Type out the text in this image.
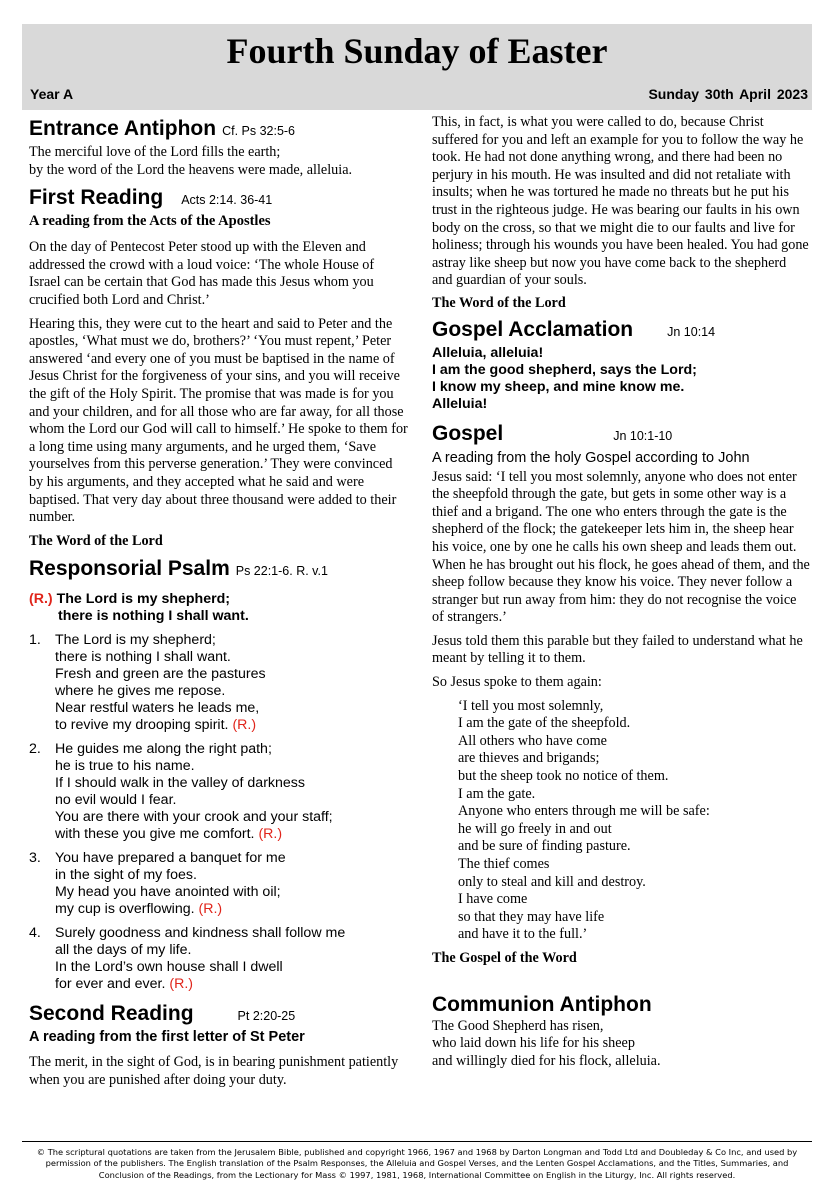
Fourth Sunday of Easter
Year A	Sunday 30th April 2023
Entrance Antiphon Cf. Ps 32:5-6
The merciful love of the Lord fills the earth;
by the word of the Lord the heavens were made, alleluia.
First Reading Acts 2:14. 36-41
A reading from the Acts of the Apostles

On the day of Pentecost Peter stood up with the Eleven and addressed the crowd with a loud voice: ‘The whole House of Israel can be certain that God has made this Jesus whom you crucified both Lord and Christ.’

Hearing this, they were cut to the heart and said to Peter and the apostles, ‘What must we do, brothers?’ ‘You must repent,’ Peter answered ‘and every one of you must be baptised in the name of Jesus Christ for the forgiveness of your sins, and you will receive the gift of the Holy Spirit. The promise that was made is for you and your children, and for all those who are far away, for all those whom the Lord our God will call to himself.’ He spoke to them for a long time using many arguments, and he urged them, ‘Save yourselves from this perverse generation.’ They were convinced by his arguments, and they accepted what he said and were baptised. That very day about three thousand were added to their number.

The Word of the Lord

Responsorial Psalm Ps 22:1-6. R. v.1
(R.) The Lord is my shepherd;
there is nothing I shall want.
1. The Lord is my shepherd;
there is nothing I shall want.
Fresh and green are the pastures
where he gives me repose.
Near restful waters he leads me,
to revive my drooping spirit. (R.)
2. He guides me along the right path;
he is true to his name.
If I should walk in the valley of darkness
no evil would I fear.
You are there with your crook and your staff;
with these you give me comfort. (R.)
3. You have prepared a banquet for me
in the sight of my foes.
My head you have anointed with oil;
my cup is overflowing. (R.)
4. Surely goodness and kindness shall follow me
all the days of my life.
In the Lord’s own house shall I dwell
for ever and ever. (R.)
Second Reading	Pt 2:20-25
A reading from the first letter of St Peter

The merit, in the sight of God, is in bearing punishment patiently when you are punished after doing your duty.

This, in fact, is what you were called to do, because Christ suffered for you and left an example for you to follow the way he took. He had not done anything wrong, and there had been no perjury in his mouth. He was insulted and did not retaliate with insults; when he was tortured he made no threats but he put his trust in the righteous judge. He was bearing our faults in his own body on the cross, so that we might die to our faults and live for holiness; through his wounds you have been healed. You had gone astray like sheep but now you have come back to the shepherd and guardian of your souls.

The Word of the Lord

Gospel Acclamation	Jn 10:14
Alleluia, alleluia!
I am the good shepherd, says the Lord;
I know my sheep, and mine know me.
Alleluia!
Gospel	Jn 10:1-10
A reading from the holy Gospel according to John

Jesus said: ‘I tell you most solemnly, anyone who does not enter the sheepfold through the gate, but gets in some other way is a thief and a brigand. The one who enters through the gate is the shepherd of the flock; the gatekeeper lets him in, the sheep hear his voice, one by one he calls his own sheep and leads them out. When he has brought out his flock, he goes ahead of them, and the sheep follow because they know his voice. They never follow a stranger but run away from him: they do not recognise the voice of strangers.’

Jesus told them this parable but they failed to understand what he meant by telling it to them.

So Jesus spoke to them again:

‘I tell you most solemnly,
I am the gate of the sheepfold.
All others who have come
are thieves and brigands;
but the sheep took no notice of them.
I am the gate.
Anyone who enters through me will be safe:
he will go freely in and out
and be sure of finding pasture.
The thief comes
only to steal and kill and destroy.
I have come
so that they may have life
and have it to the full.’

The Gospel of the Word

Communion Antiphon
The Good Shepherd has risen,
who laid down his life for his sheep
and willingly died for his flock, alleluia.
© The scriptural quotations are taken from the Jerusalem Bible, published and copyright 1966, 1967 and 1968 by Darton Longman and Todd Ltd and Doubleday & Co Inc, and used by permission of the publishers. The English translation of the Psalm Responses, the Alleluia and Gospel Verses, and the Lenten Gospel Acclamations, and the Titles, Summaries, and Conclusion of the Readings, from the Lectionary for Mass © 1997, 1981, 1968, International Committee on English in the Liturgy, Inc. All rights reserved.
